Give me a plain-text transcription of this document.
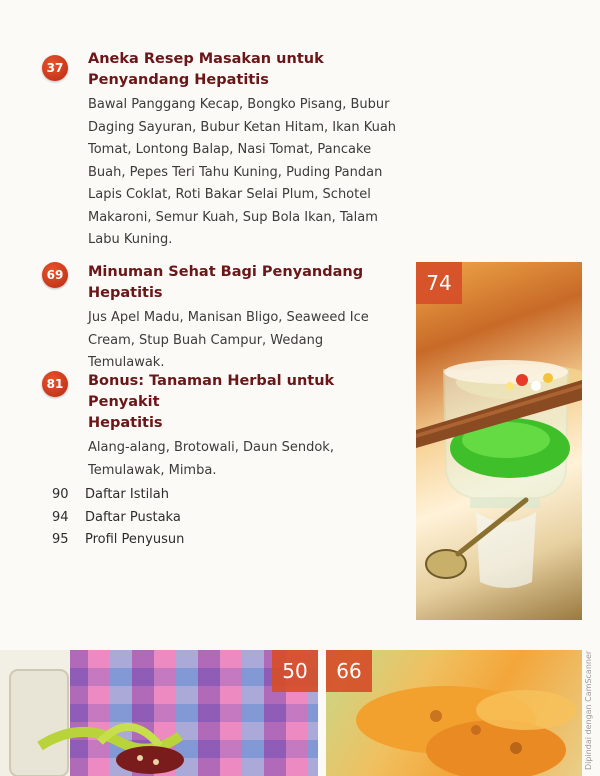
37
Aneka Resep Masakan untuk
Penyandang Hepatitis
Bawal Panggang Kecap, Bongko Pisang, Bubur
Daging Sayuran, Bubur Ketan Hitam, Ikan Kuah
Tomat, Lontong Balap, Nasi Tomat, Pancake
Buah, Pepes Teri Tahu Kuning, Puding Pandan
Lapis Coklat, Roti Bakar Selai Plum, Schotel
Makaroni, Semur Kuah, Sup Bola Ikan, Talam
Labu Kuning.
69	Minuman Sehat Bagi Penyandang
Hepatitis
Jus Apel Madu, Manisan Bligo, Seaweed Ice
Cream, Stup Buah Campur, Wedang Temulawak.
81	Bonus: Tanaman Herbal untuk Penyakit
Hepatitis
Alang-alang, Brotowali, Daun Sendok,
Temulawak, Mimba.
90	Daftar Istilah
94	Daftar Pustaka
95	Profil Penyusun
74
50	66	Dipindai dengan CamScanner
